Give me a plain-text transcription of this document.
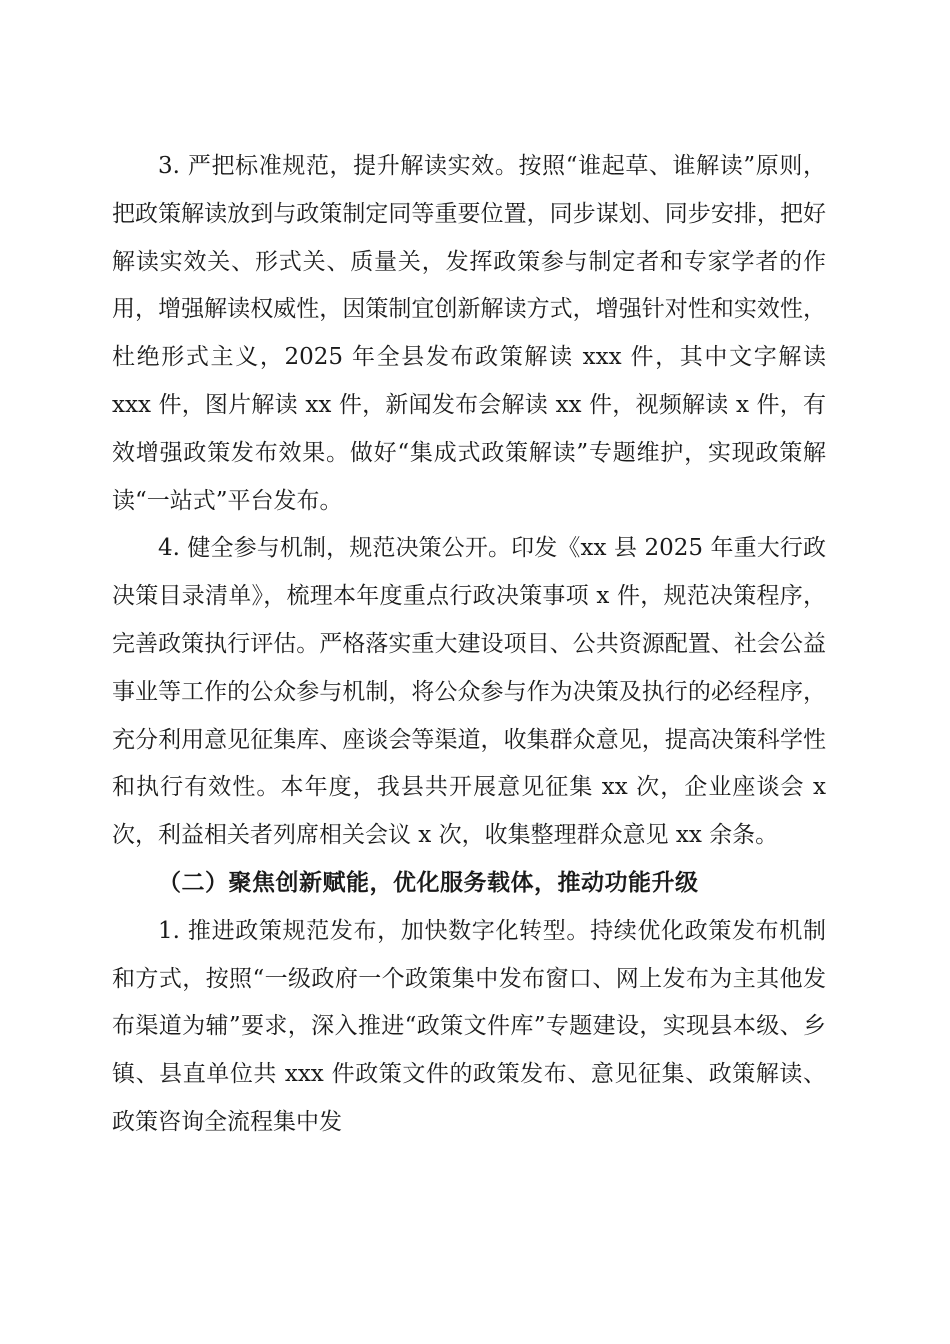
3. 严把标准规范，提升解读实效。按照“谁起草、谁解读”原则，把政策解读放到与政策制定同等重要位置，同步谋划、同步安排，把好解读实效关、形式关、质量关，发挥政策参与制定者和专家学者的作用，增强解读权威性，因策制宜创新解读方式，增强针对性和实效性，杜绝形式主义，2025 年全县发布政策解读 xxx 件，其中文字解读 xxx 件，图片解读 xx 件，新闻发布会解读 xx 件，视频解读 x 件，有效增强政策发布效果。做好“集成式政策解读”专题维护，实现政策解读“一站式”平台发布。

4. 健全参与机制，规范决策公开。印发《xx 县 2025 年重大行政决策目录清单》，梳理本年度重点行政决策事项 x 件，规范决策程序，完善政策执行评估。严格落实重大建设项目、公共资源配置、社会公益事业等工作的公众参与机制，将公众参与作为决策及执行的必经程序，充分利用意见征集库、座谈会等渠道，收集群众意见，提高决策科学性和执行有效性。本年度，我县共开展意见征集 xx 次，企业座谈会 x 次，利益相关者列席相关会议 x 次，收集整理群众意见 xx 余条。

（二）聚焦创新赋能，优化服务载体，推动功能升级

1. 推进政策规范发布，加快数字化转型。持续优化政策发布机制和方式，按照“一级政府一个政策集中发布窗口、网上发布为主其他发布渠道为辅”要求，深入推进“政策文件库”专题建设，实现县本级、乡镇、县直单位共 xxx 件政策文件的政策发布、意见征集、政策解读、政策咨询全流程集中发
